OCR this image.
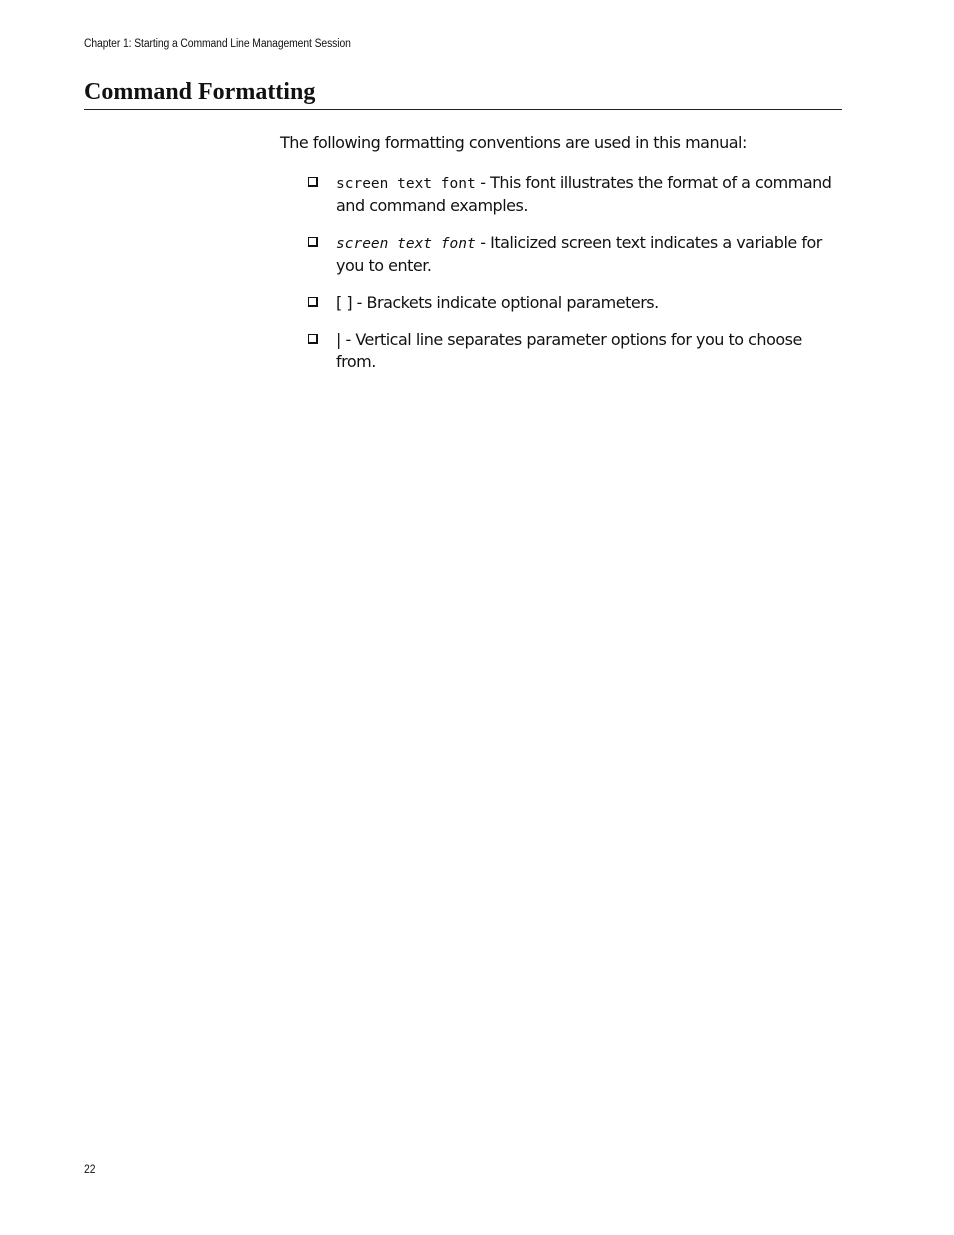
Chapter 1: Starting a Command Line Management Session
Command Formatting

The following formatting conventions are used in this manual:

screen text font - This font illustrates the format of a command and command examples.
screen text font - Italicized screen text indicates a variable for you to enter.
[ ] - Brackets indicate optional parameters.
| - Vertical line separates parameter options for you to choose from.
22
